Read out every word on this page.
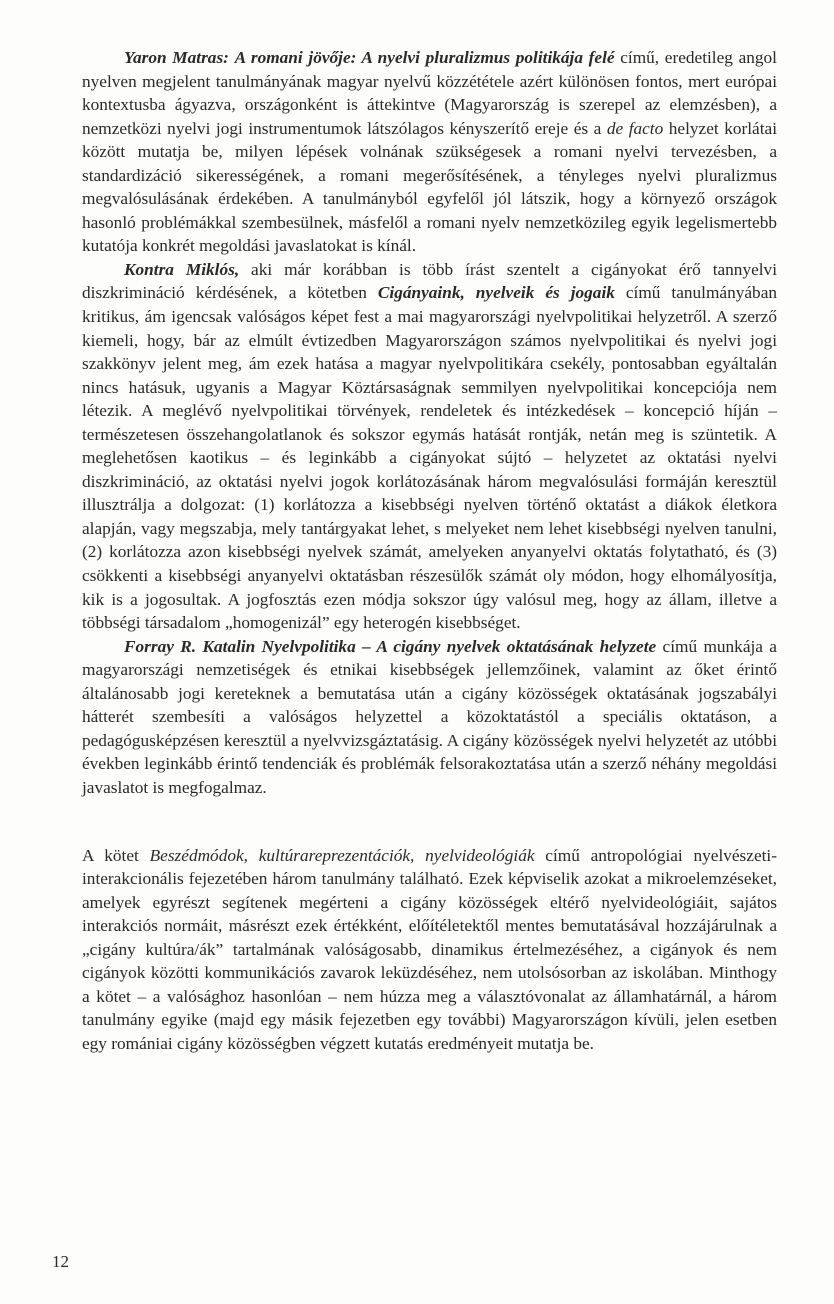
Yaron Matras: A romani jövője: A nyelvi pluralizmus politikája felé című, eredetileg angol nyelven megjelent tanulmányának magyar nyelvű közzététele azért különösen fontos, mert európai kontextusba ágyazva, országonként is áttekintve (Magyarország is szerepel az elemzésben), a nemzetközi nyelvi jogi instrumentumok látszólagos kényszerítő ereje és a de facto helyzet korlátai között mutatja be, milyen lépések volnának szükségesek a romani nyelvi tervezésben, a standardizáció sikerességének, a romani megerősítésének, a tényleges nyelvi pluralizmus megvalósulásának érdekében. A tanulmányból egyfelől jól látszik, hogy a környező országok hasonló problémákkal szembesülnek, másfelől a romani nyelv nemzetközileg egyik legelismertebb kutatója konkrét megoldási javaslatokat is kínál.

Kontra Miklós, aki már korábban is több írást szentelt a cigányokat érő tannyelvi diszkrimináció kérdésének, a kötetben Cigányaink, nyelveik és jogaik című tanulmányában kritikus, ám igencsak valóságos képet fest a mai magyarországi nyelvpolitikai helyzetről. A szerző kiemeli, hogy, bár az elmúlt évtizedben Magyarországon számos nyelvpolitikai és nyelvi jogi szakkönyv jelent meg, ám ezek hatása a magyar nyelvpolitikára csekély, pontosabban egyáltalán nincs hatásuk, ugyanis a Magyar Köztársaságnak semmilyen nyelvpolitikai koncepciója nem létezik. A meglévő nyelvpolitikai törvények, rendeletek és intézkedések – koncepció híján – természetesen összehangolatlanok és sokszor egymás hatását rontják, netán meg is szüntetik. A meglehetősen kaotikus – és leginkább a cigányokat sújtó – helyzetet az oktatási nyelvi diszkrimináció, az oktatási nyelvi jogok korlátozásának három megvalósulási formáján keresztül illusztrálja a dolgozat: (1) korlátozza a kisebbségi nyelven történő oktatást a diákok életkora alapján, vagy megszabja, mely tantárgyakat lehet, s melyeket nem lehet kisebbségi nyelven tanulni, (2) korlátozza azon kisebbségi nyelvek számát, amelyeken anyanyelvi oktatás folytatható, és (3) csökkenti a kisebbségi anyanyelvi oktatásban részesülők számát oly módon, hogy elhomályosítja, kik is a jogosultak. A jogfosztás ezen módja sokszor úgy valósul meg, hogy az állam, illetve a többségi társadalom „homogenizál” egy heterogén kisebbséget.

Forray R. Katalin Nyelvpolitika – A cigány nyelvek oktatásának helyzete című munkája a magyarországi nemzetiségek és etnikai kisebbségek jellemzőinek, valamint az őket érintő általánosabb jogi kereteknek a bemutatása után a cigány közösségek oktatásának jogszabályi hátterét szembesíti a valóságos helyzettel a közoktatástól a speciális oktatáson, a pedagógusképzésen keresztül a nyelvvizsgáztatásig. A cigány közösségek nyelvi helyzetét az utóbbi években leginkább érintő tendenciák és problémák felsorakoztatása után a szerző néhány megoldási javaslatot is megfogalmaz.

A kötet Beszédmódok, kultúrareprezentációk, nyelvideológiák című antropológiai nyelvészeti-interakcionális fejezetében három tanulmány található. Ezek képviselik azokat a mikroelemzéseket, amelyek egyrészt segítenek megérteni a cigány közösségek eltérő nyelvideológiáit, sajátos interakciós normáit, másrészt ezek értékként, előítéletektől mentes bemutatásával hozzájárulnak a „cigány kultúra/ák” tartalmának valóságosabb, dinamikus értelmezéséhez, a cigányok és nem cigányok közötti kommunikációs zavarok leküzdéséhez, nem utolsósorban az iskolában. Minthogy a kötet – a valósághoz hasonlóan – nem húzza meg a választóvonalat az államhatárnál, a három tanulmány egyike (majd egy másik fejezetben egy további) Magyarországon kívüli, jelen esetben egy romániai cigány közösségben végzett kutatás eredményeit mutatja be.

12
